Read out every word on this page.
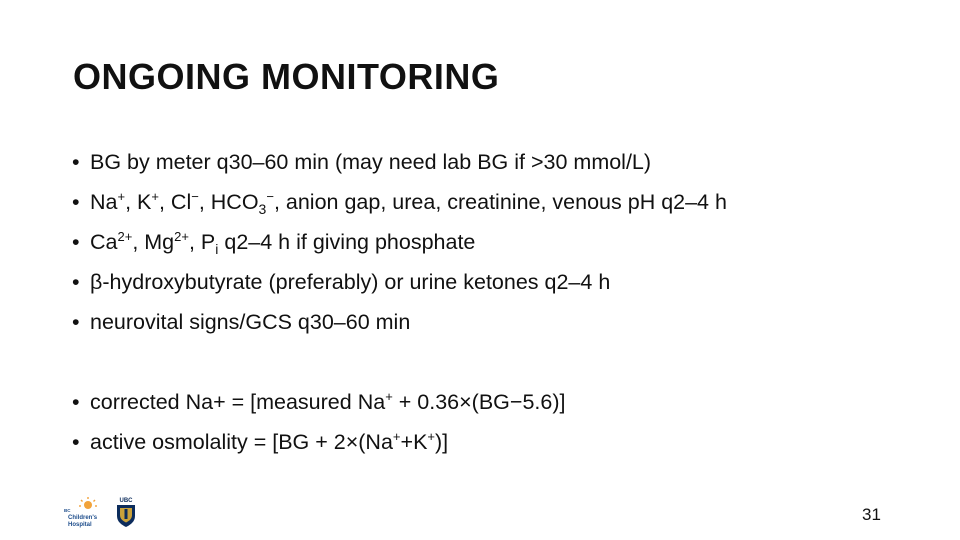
ONGOING MONITORING
• BG by meter q30–60 min (may need lab BG if >30 mmol/L)
• Na+, K+, Cl−, $HCO_3^-$, anion gap, urea, creatinine, venous pH q2–4 h
• $Ca^{2+}$, $Mg^{2+}$, $P_i$ q2–4 h if giving phosphate
• β-hydroxybutyrate (preferably) or urine ketones q2–4 h
• neurovital signs/GCS q30–60 min
• corrected Na+ = [measured Na+ + 0.36×(BG−5.6)]
• active osmolality = [BG + 2×(Na++K+)]
BC
Children's
Hospital
UBC
31
